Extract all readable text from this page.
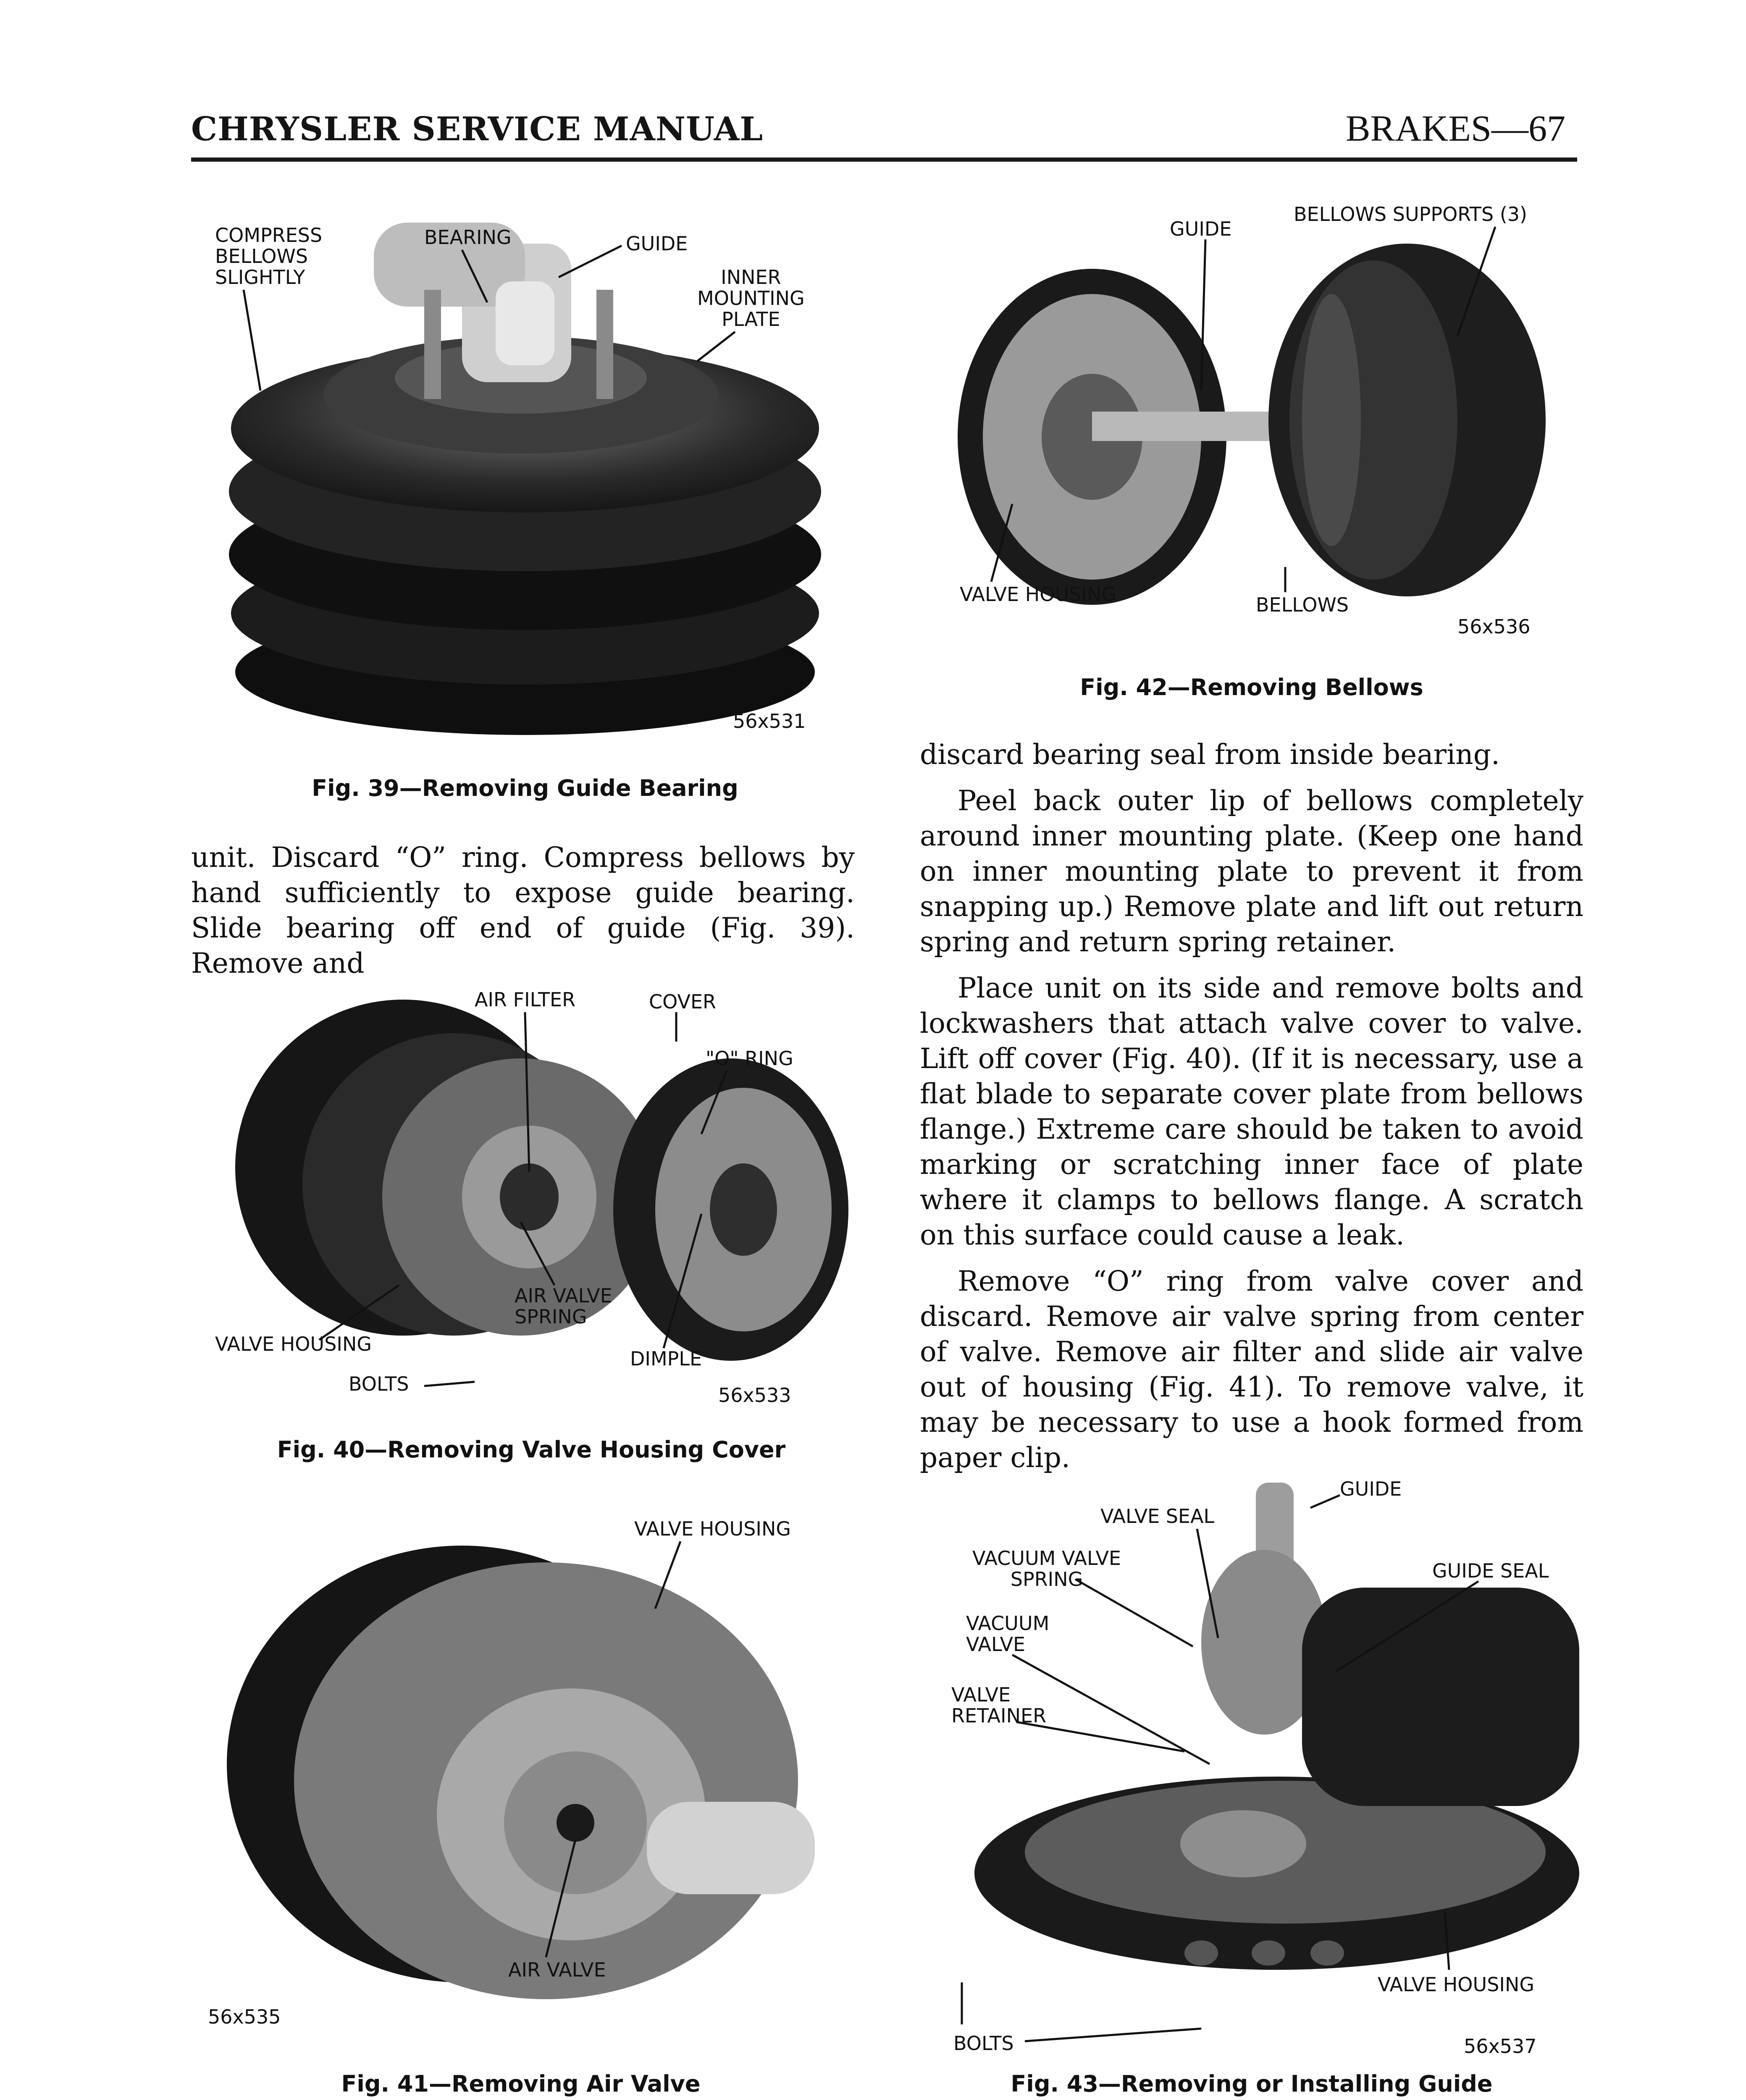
CHRYSLER SERVICE MANUAL	BRAKES—67
COMPRESS
BELLOWS
SLIGHTLY
BEARING	GUIDE
INNER
MOUNTING
PLATE
56x531
Fig. 39—Removing Guide Bearing

unit. Discard “O” ring. Compress bellows by hand sufficiently to expose guide bearing. Slide bearing off end of guide (Fig. 39). Remove and

AIR FILTER	COVER
"O" RING
AIR VALVE
SPRING
VALVE HOUSING
DIMPLE
BOLTS	56x533
Fig. 40—Removing Valve Housing Cover
VALVE HOUSING
AIR VALVE
56x535
Fig. 41—Removing Air Valve
GUIDE
BELLOWS SUPPORTS (3)
VALVE HOUSING	BELLOWS
56x536
Fig. 42—Removing Bellows

discard bearing seal from inside bearing.

Peel back outer lip of bellows completely around inner mounting plate. (Keep one hand on inner mounting plate to prevent it from snapping up.) Remove plate and lift out return spring and return spring retainer.

Place unit on its side and remove bolts and lockwashers that attach valve cover to valve. Lift off cover (Fig. 40). (If it is necessary, use a flat blade to separate cover plate from bellows flange.) Extreme care should be taken to avoid marking or scratching inner face of plate where it clamps to bellows flange. A scratch on this surface could cause a leak.

Remove “O” ring from valve cover and discard. Remove air valve spring from center of valve. Remove air filter and slide air valve out of housing (Fig. 41). To remove valve, it may be necessary to use a hook formed from paper clip.

GUIDE
VALVE SEAL
VACUUM VALVE
SPRING	GUIDE SEAL
VACUUM
VALVE
VALVE
RETAINER
VALVE HOUSING
BOLTS	56x537
Fig. 43—Removing or Installing Guide
